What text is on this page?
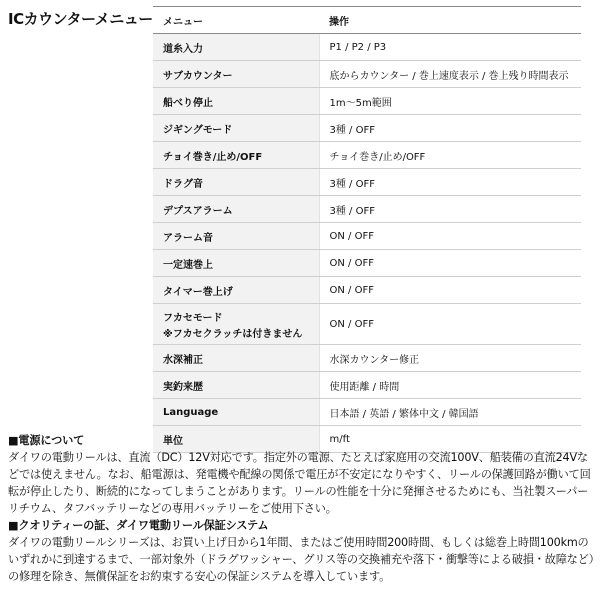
ICカウンターメニュー メニュー	操作
道糸入力	P1 / P2 / P3
サブカウンター	底からカウンター / 巻上速度表示 / 巻上残り時間表示
船べり停止	1m〜5m範囲
ジギングモード	3種 / OFF
チョイ巻き/止め/OFF	チョイ巻き/止め/OFF
ドラグ音	3種 / OFF
デプスアラーム	3種 / OFF
アラーム音	ON / OFF
一定速巻上	ON / OFF
タイマー巻上げ	ON / OFF
フカセモード
※フカセクラッチは付きません	ON / OFF
水深補正	水深カウンター修正
実釣来歴	使用距離 / 時間
Language	日本語 / 英語 / 繁体中文 / 韓国語
単位	m/ft

■電源について

ダイワの電動リールは、直流（DC）12V対応です。指定外の電源、たとえば家庭用の交流100V、船装備の直流24Vなどでは使えません。なお、船電源は、発電機や配線の関係で電圧が不安定になりやすく、リールの保護回路が働いて回転が停止したり、断続的になってしまうことがあります。リールの性能を十分に発揮させるためにも、当社製スーパーリチウム、タフバッテリーなどの専用バッテリーをご使用下さい。

■クオリティーの証、ダイワ電動リール保証システム

ダイワの電動リールシリーズは、お買い上げ日から1年間、またはご使用時間200時間、もしくは総巻上時間100kmのいずれかに到達するまで、一部対象外（ドラグワッシャー、グリス等の交換補充や落下・衝撃等による破損・故障など）の修理を除き、無償保証をお約束する安心の保証システムを導入しています。
